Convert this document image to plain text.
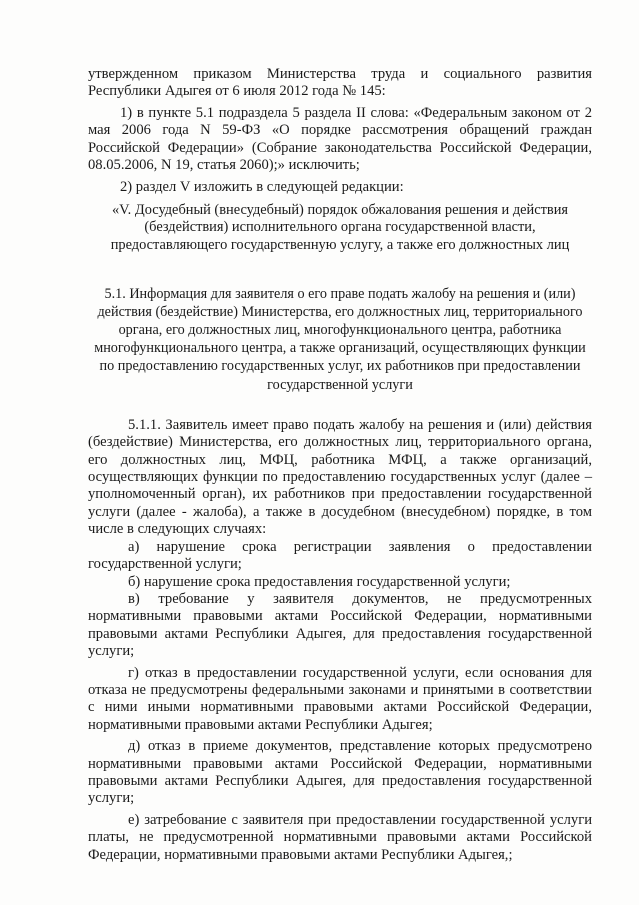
утвержденном приказом Министерства труда и социального развития Республики Адыгея от 6 июля 2012 года № 145:

1) в пункте 5.1 подраздела 5 раздела II слова: «Федеральным законом от 2 мая 2006 года N 59-ФЗ «О порядке рассмотрения обращений граждан Российской Федерации» (Собрание законодательства Российской Федерации, 08.05.2006, N 19, статья 2060);» исключить;

2) раздел V изложить в следующей редакции:

«V. Досудебный (внесудебный) порядок обжалования решения и действия (бездействия) исполнительного органа государственной власти, предоставляющего государственную услугу, а также его должностных лиц

5.1. Информация для заявителя о его праве подать жалобу на решения и (или) действия (бездействие) Министерства, его должностных лиц, территориального органа, его должностных лиц, многофункционального центра, работника многофункционального центра, а также организаций, осуществляющих функции по предоставлению государственных услуг, их работников при предоставлении государственной услуги

5.1.1. Заявитель имеет право подать жалобу на решения и (или) действия (бездействие) Министерства, его должностных лиц, территориального органа, его должностных лиц, МФЦ, работника МФЦ, а также организаций, осуществляющих функции по предоставлению государственных услуг (далее – уполномоченный орган), их работников при предоставлении государственной услуги (далее - жалоба), а также в досудебном (внесудебном) порядке, в том числе в следующих случаях:

а) нарушение срока регистрации заявления о предоставлении государственной услуги;

б) нарушение срока предоставления государственной услуги;

в) требование у заявителя документов, не предусмотренных нормативными правовыми актами Российской Федерации, нормативными правовыми актами Республики Адыгея, для предоставления государственной услуги;

г) отказ в предоставлении государственной услуги, если основания для отказа не предусмотрены федеральными законами и принятыми в соответствии с ними иными нормативными правовыми актами Российской Федерации, нормативными правовыми актами Республики Адыгея;

д) отказ в приеме документов, представление которых предусмотрено нормативными правовыми актами Российской Федерации, нормативными правовыми актами Республики Адыгея, для предоставления государственной услуги;

е) затребование с заявителя при предоставлении государственной услуги платы, не предусмотренной нормативными правовыми актами Российской Федерации, нормативными правовыми актами Республики Адыгея,;
